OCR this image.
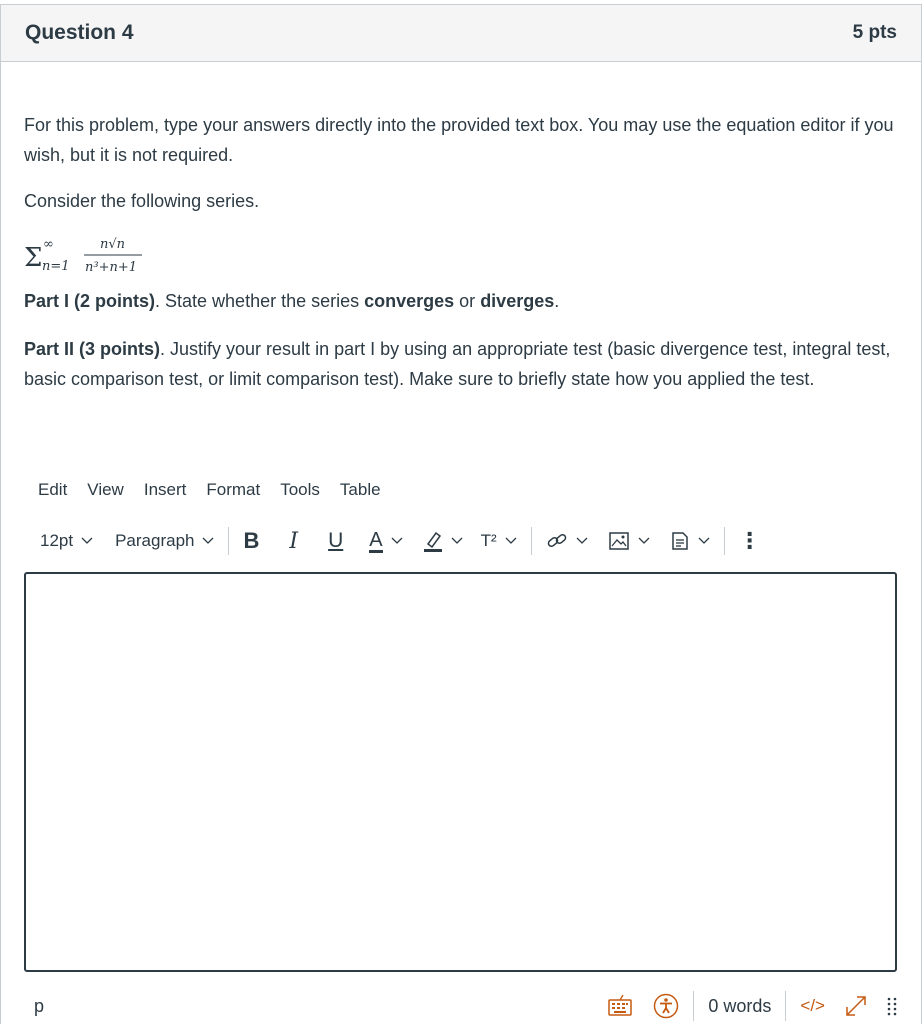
Question 4	5 pts

For this problem, type your answers directly into the provided text box. You may use the equation editor if you wish, but it is not required.

Consider the following series.

Σ ∞
n=1
n√n
n³+n+1

Part I (2 points). State whether the series converges or diverges.

Part II (3 points). Justify your result in part I by using an appropriate test (basic divergence test, integral test, basic comparison test, or limit comparison test). Make sure to briefly state how you applied the test.

Edit View Insert Format Tools Table
12pt Paragraph B I U A	T²	⋮
p	0 words </>
